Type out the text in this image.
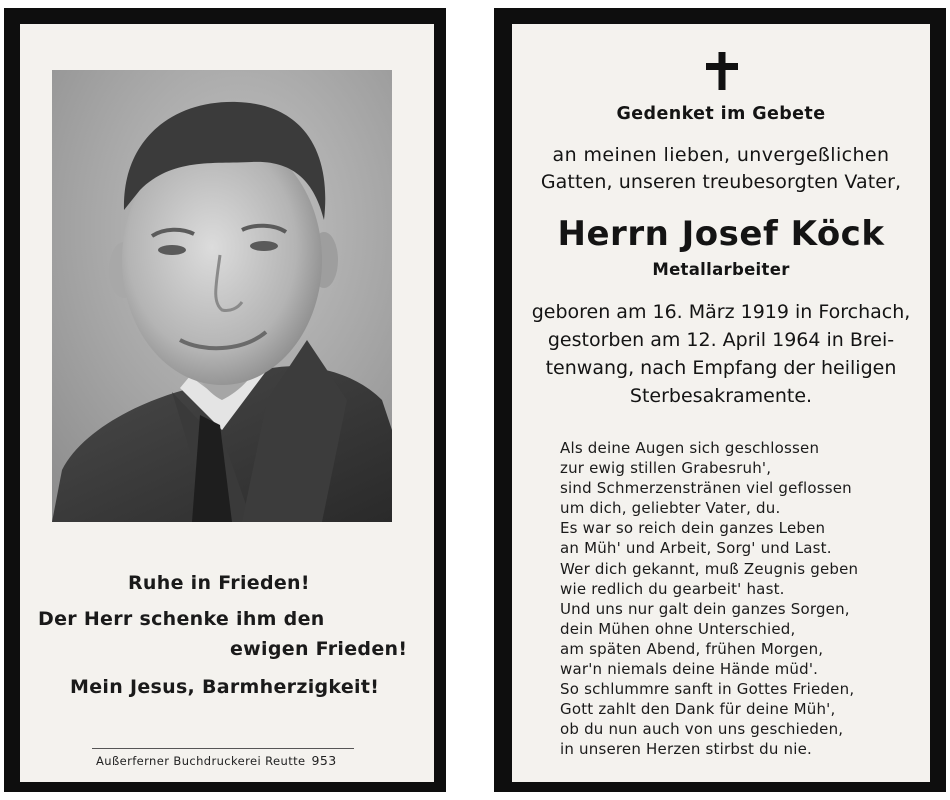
Ruhe in Frieden!
Der Herr schenke ihm den
ewigen Frieden!
Mein Jesus, Barmherzigkeit!
Außerferner Buchdruckerei Reutte 953
Gedenket im Gebete
an meinen lieben, unvergeßlichen
Gatten, unseren treubesorgten Vater,
Herrn Josef Köck
Metallarbeiter
geboren am 16. März 1919 in Forchach,
gestorben am 12. April 1964 in Brei-
tenwang, nach Empfang der heiligen
Sterbesakramente.
Als deine Augen sich geschlossen
zur ewig stillen Grabesruh',
sind Schmerzenstränen viel geflossen
um dich, geliebter Vater, du.
Es war so reich dein ganzes Leben
an Müh' und Arbeit, Sorg' und Last.
Wer dich gekannt, muß Zeugnis geben
wie redlich du gearbeit' hast.
Und uns nur galt dein ganzes Sorgen,
dein Mühen ohne Unterschied,
am späten Abend, frühen Morgen,
war'n niemals deine Hände müd'.
So schlummre sanft in Gottes Frieden,
Gott zahlt den Dank für deine Müh',
ob du nun auch von uns geschieden,
in unseren Herzen stirbst du nie.
